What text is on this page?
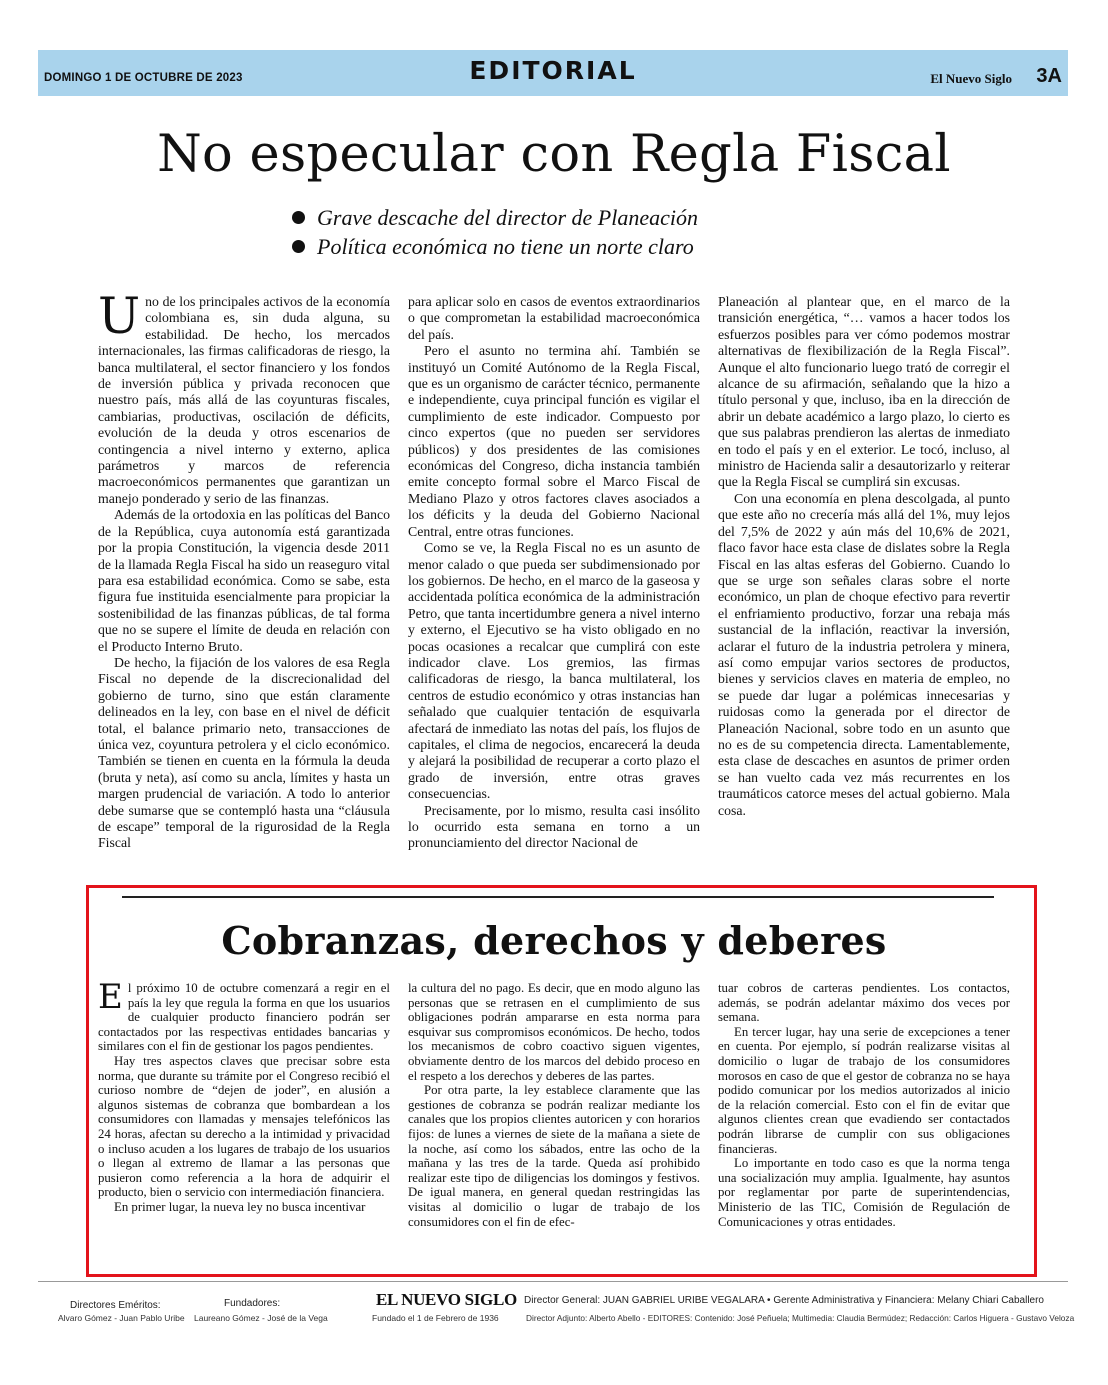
DOMINGO 1 DE OCTUBRE DE 2023	EDITORIAL	El Nuevo Siglo 3A
No especular con Regla Fiscal
Grave descache del director de Planeación
Política económica no tiene un norte claro

Uno de los principales activos de la economía colombiana es, sin duda alguna, su estabilidad. De hecho, los mercados internacionales, las firmas calificadoras de riesgo, la banca multilateral, el sector financiero y los fondos de inversión pública y privada reconocen que nuestro país, más allá de las coyunturas fiscales, cambiarias, productivas, oscilación de déficits, evolución de la deuda y otros escenarios de contingencia a nivel interno y externo, aplica parámetros y marcos de referencia macroeconómicos permanentes que garantizan un manejo ponderado y serio de las finanzas.

Además de la ortodoxia en las políticas del Banco de la República, cuya autonomía está garantizada por la propia Constitución, la vigencia desde 2011 de la llamada Regla Fiscal ha sido un reaseguro vital para esa estabilidad económica. Como se sabe, esta figura fue instituida esencialmente para propiciar la sostenibilidad de las finanzas públicas, de tal forma que no se supere el límite de deuda en relación con el Producto Interno Bruto.

De hecho, la fijación de los valores de esa Regla Fiscal no depende de la discrecionalidad del gobierno de turno, sino que están claramente delineados en la ley, con base en el nivel de déficit total, el balance primario neto, transacciones de única vez, coyuntura petrolera y el ciclo económico. También se tienen en cuenta en la fórmula la deuda (bruta y neta), así como su ancla, límites y hasta un margen prudencial de variación. A todo lo anterior debe sumarse que se contempló hasta una “cláusula de escape” temporal de la rigurosidad de la Regla Fiscal

para aplicar solo en casos de eventos extraordinarios o que comprometan la estabilidad macroeconómica del país.

Pero el asunto no termina ahí. También se instituyó un Comité Autónomo de la Regla Fiscal, que es un organismo de carácter técnico, permanente e independiente, cuya principal función es vigilar el cumplimiento de este indicador. Compuesto por cinco expertos (que no pueden ser servidores públicos) y dos presidentes de las comisiones económicas del Congreso, dicha instancia también emite concepto formal sobre el Marco Fiscal de Mediano Plazo y otros factores claves asociados a los déficits y la deuda del Gobierno Nacional Central, entre otras funciones.

Como se ve, la Regla Fiscal no es un asunto de menor calado o que pueda ser subdimensionado por los gobiernos. De hecho, en el marco de la gaseosa y accidentada política económica de la administración Petro, que tanta incertidumbre genera a nivel interno y externo, el Ejecutivo se ha visto obligado en no pocas ocasiones a recalcar que cumplirá con este indicador clave. Los gremios, las firmas calificadoras de riesgo, la banca multilateral, los centros de estudio económico y otras instancias han señalado que cualquier tentación de esquivarla afectará de inmediato las notas del país, los flujos de capitales, el clima de negocios, encarecerá la deuda y alejará la posibilidad de recuperar a corto plazo el grado de inversión, entre otras graves consecuencias.

Precisamente, por lo mismo, resulta casi insólito lo ocurrido esta semana en torno a un pronunciamiento del director Nacional de

Planeación al plantear que, en el marco de la transición energética, “… vamos a hacer todos los esfuerzos posibles para ver cómo podemos mostrar alternativas de flexibilización de la Regla Fiscal”. Aunque el alto funcionario luego trató de corregir el alcance de su afirmación, señalando que la hizo a título personal y que, incluso, iba en la dirección de abrir un debate académico a largo plazo, lo cierto es que sus palabras prendieron las alertas de inmediato en todo el país y en el exterior. Le tocó, incluso, al ministro de Hacienda salir a desautorizarlo y reiterar que la Regla Fiscal se cumplirá sin excusas.

Con una economía en plena descolgada, al punto que este año no crecería más allá del 1%, muy lejos del 7,5% de 2022 y aún más del 10,6% de 2021, flaco favor hace esta clase de dislates sobre la Regla Fiscal en las altas esferas del Gobierno. Cuando lo que se urge son señales claras sobre el norte económico, un plan de choque efectivo para revertir el enfriamiento productivo, forzar una rebaja más sustancial de la inflación, reactivar la inversión, aclarar el futuro de la industria petrolera y minera, así como empujar varios sectores de productos, bienes y servicios claves en materia de empleo, no se puede dar lugar a polémicas innecesarias y ruidosas como la generada por el director de Planeación Nacional, sobre todo en un asunto que no es de su competencia directa. Lamentablemente, esta clase de descaches en asuntos de primer orden se han vuelto cada vez más recurrentes en los traumáticos catorce meses del actual gobierno. Mala cosa.

Cobranzas, derechos y deberes

El próximo 10 de octubre comenzará a regir en el país la ley que regula la forma en que los usuarios de cualquier producto financiero podrán ser contactados por las respectivas entidades bancarias y similares con el fin de gestionar los pagos pendientes.

Hay tres aspectos claves que precisar sobre esta norma, que durante su trámite por el Congreso recibió el curioso nombre de “dejen de joder”, en alusión a algunos sistemas de cobranza que bombardean a los consumidores con llamadas y mensajes telefónicos las 24 horas, afectan su derecho a la intimidad y privacidad o incluso acuden a los lugares de trabajo de los usuarios o llegan al extremo de llamar a las personas que pusieron como referencia a la hora de adquirir el producto, bien o servicio con intermediación financiera.

En primer lugar, la nueva ley no busca incentivar

la cultura del no pago. Es decir, que en modo alguno las personas que se retrasen en el cumplimiento de sus obligaciones podrán ampararse en esta norma para esquivar sus compromisos económicos. De hecho, todos los mecanismos de cobro coactivo siguen vigentes, obviamente dentro de los marcos del debido proceso en el respeto a los derechos y deberes de las partes.

Por otra parte, la ley establece claramente que las gestiones de cobranza se podrán realizar mediante los canales que los propios clientes autoricen y con horarios fijos: de lunes a viernes de siete de la mañana a siete de la noche, así como los sábados, entre las ocho de la mañana y las tres de la tarde. Queda así prohibido realizar este tipo de diligencias los domingos y festivos. De igual manera, en general quedan restringidas las visitas al domicilio o lugar de trabajo de los consumidores con el fin de efec-

tuar cobros de carteras pendientes. Los contactos, además, se podrán adelantar máximo dos veces por semana.

En tercer lugar, hay una serie de excepciones a tener en cuenta. Por ejemplo, sí podrán realizarse visitas al domicilio o lugar de trabajo de los consumidores morosos en caso de que el gestor de cobranza no se haya podido comunicar por los medios autorizados al inicio de la relación comercial. Esto con el fin de evitar que algunos clientes crean que evadiendo ser contactados podrán librarse de cumplir con sus obligaciones financieras.

Lo importante en todo caso es que la norma tenga una socialización muy amplia. Igualmente, hay asuntos por reglamentar por parte de superintendencias, Ministerio de las TIC, Comisión de Regulación de Comunicaciones y otras entidades.

Directores Eméritos:
Alvaro Gómez - Juan Pablo Uribe
Fundadores:
Laureano Gómez - José de la Vega
EL NUEVO SIGLO
Fundado el 1 de Febrero de 1936
Director General: JUAN GABRIEL URIBE VEGALARA • Gerente Administrativa y Financiera: Melany Chiari Caballero
Director Adjunto: Alberto Abello - EDITORES: Contenido: José Peñuela; Multimedia: Claudia Bermúdez; Redacción: Carlos Higuera - Gustavo Veloza
